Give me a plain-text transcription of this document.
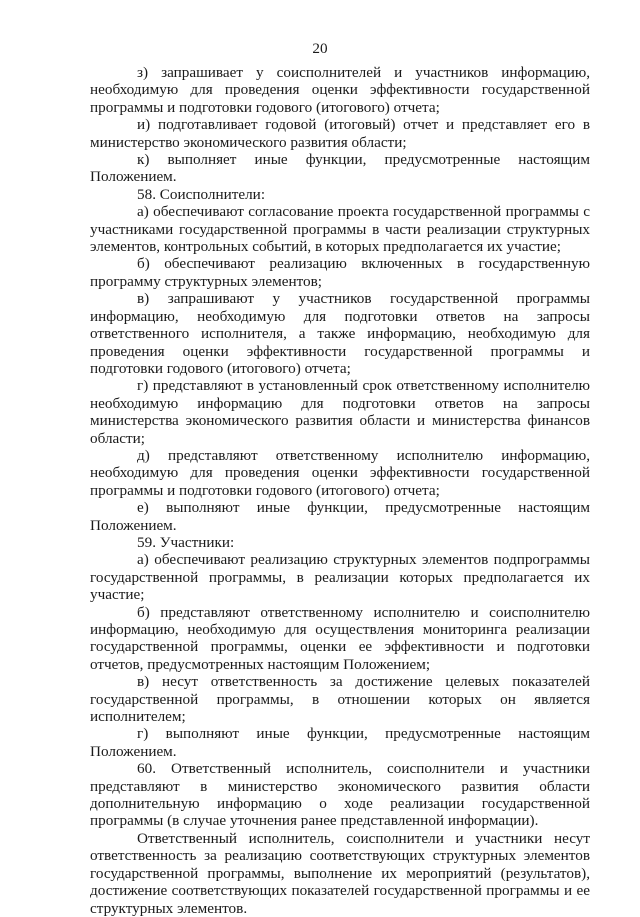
20

з) запрашивает у соисполнителей и участников информацию, необходимую для проведения оценки эффективности государственной программы и подготовки годового (итогового) отчета;

и) подготавливает годовой (итоговый) отчет и представляет его в министерство экономического развития области;

к) выполняет иные функции, предусмотренные настоящим Положением.

58. Соисполнители:

а) обеспечивают согласование проекта государственной программы с участниками государственной программы в части реализации структурных элементов, контрольных событий, в которых предполагается их участие;

б) обеспечивают реализацию включенных в государственную программу структурных элементов;

в) запрашивают у участников государственной программы информацию, необходимую для подготовки ответов на запросы ответственного исполнителя, а также информацию, необходимую для проведения оценки эффективности государственной программы и подготовки годового (итогового) отчета;

г) представляют в установленный срок ответственному исполнителю необходимую информацию для подготовки ответов на запросы министерства экономического развития области и министерства финансов области;

д) представляют ответственному исполнителю информацию, необходимую для проведения оценки эффективности государственной программы и подготовки годового (итогового) отчета;

е) выполняют иные функции, предусмотренные настоящим Положением.

59. Участники:

а) обеспечивают реализацию структурных элементов подпрограммы государственной программы, в реализации которых предполагается их участие;

б) представляют ответственному исполнителю и соисполнителю информацию, необходимую для осуществления мониторинга реализации государственной программы, оценки ее эффективности и подготовки отчетов, предусмотренных настоящим Положением;

в) несут ответственность за достижение целевых показателей государственной программы, в отношении которых он является исполнителем;

г) выполняют иные функции, предусмотренные настоящим Положением.

60. Ответственный исполнитель, соисполнители и участники представляют в министерство экономического развития области дополнительную информацию о ходе реализации государственной программы (в случае уточнения ранее представленной информации).

Ответственный исполнитель, соисполнители и участники несут ответственность за реализацию соответствующих структурных элементов государственной программы, выполнение их мероприятий (результатов), достижение соответствующих показателей государственной программы и ее структурных элементов.
